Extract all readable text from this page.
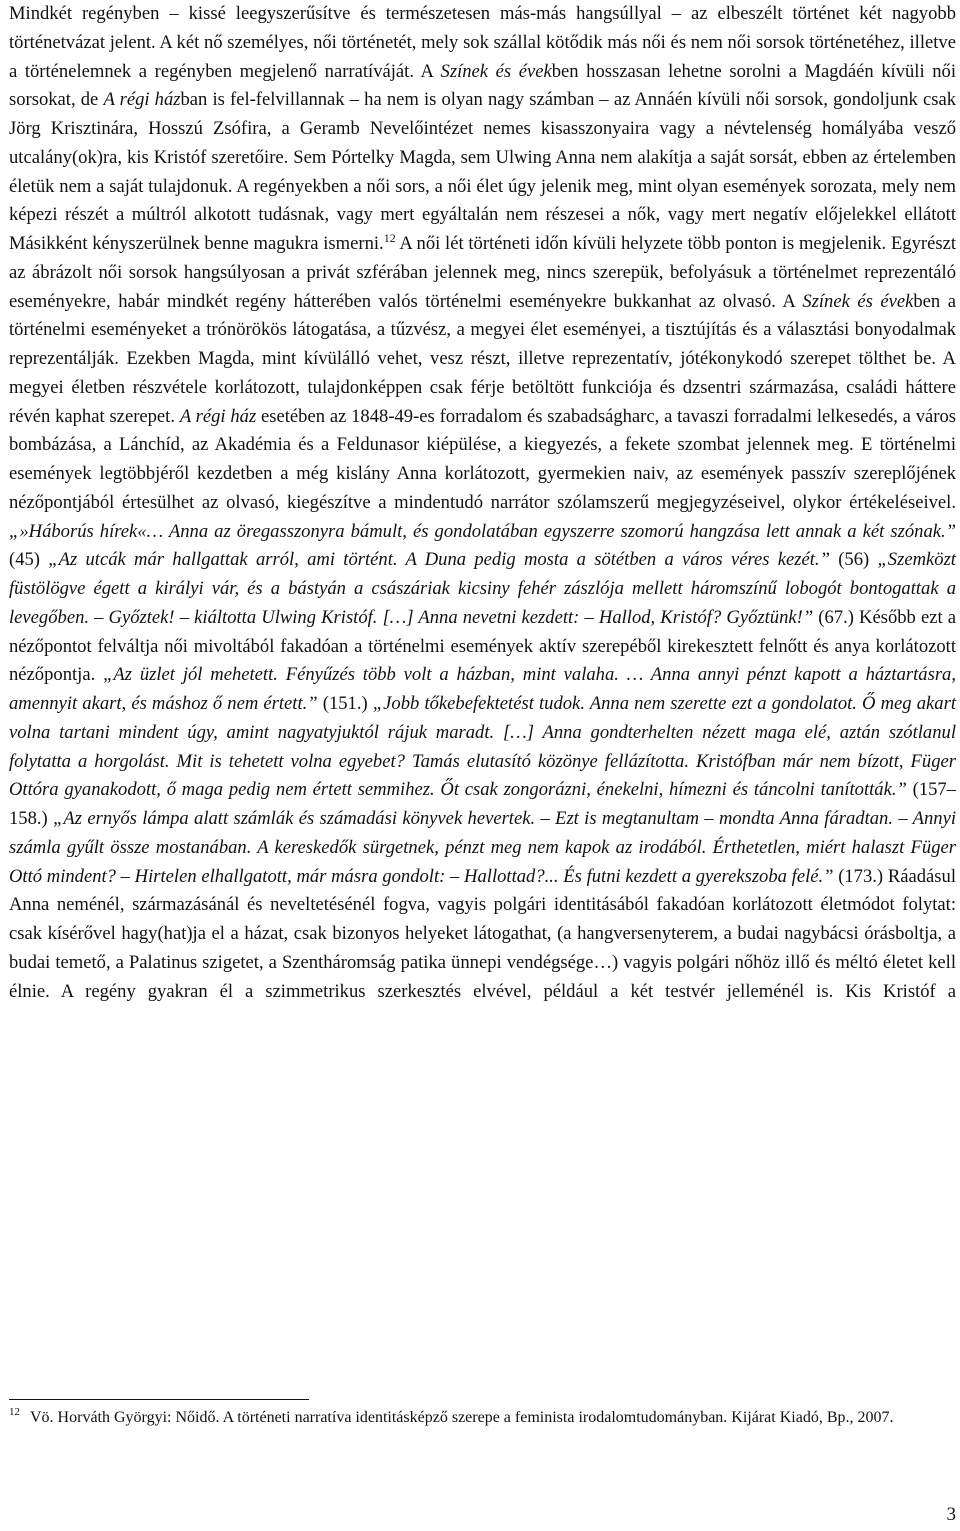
Mindkét regényben – kissé leegyszerűsítve és természetesen más-más hangsúllyal – az elbeszélt történet két nagyobb történetvázat jelent. A két nő személyes, női történetét, mely sok szállal kötődik más női és nem női sorsok történetéhez, illetve a történelemnek a regényben megjelenő narratíváját. A Színek és években hosszasan lehetne sorolni a Magdáén kívüli női sorsokat, de A régi házban is fel-felvillannak – ha nem is olyan nagy számban – az Annáén kívüli női sorsok, gondoljunk csak Jörg Krisztinára, Hosszú Zsófira, a Geramb Nevelőintézet nemes kisasszonyaira vagy a névtelenség homályába vesző utcalány(ok)ra, kis Kristóf szeretőire. Sem Pórtelky Magda, sem Ulwing Anna nem alakítja a saját sorsát, ebben az értelemben életük nem a saját tulajdonuk. A regényekben a női sors, a női élet úgy jelenik meg, mint olyan események sorozata, mely nem képezi részét a múltról alkotott tudásnak, vagy mert egyáltalán nem részesei a nők, vagy mert negatív előjelekkel ellátott Másikként kényszerülnek benne magukra ismerni.$^{12}$ A női lét történeti időn kívüli helyzete több ponton is megjelenik. Egyrészt az ábrázolt női sorsok hangsúlyosan a privát szférában jelennek meg, nincs szerepük, befolyásuk a történelmet reprezentáló eseményekre, habár mindkét regény hátterében valós történelmi eseményekre bukkanhat az olvasó. A Színek és években a történelmi eseményeket a trónörökös látogatása, a tűzvész, a megyei élet eseményei, a tisztújítás és a választási bonyodalmak reprezentálják. Ezekben Magda, mint kívülálló vehet, vesz részt, illetve reprezentatív, jótékonykodó szerepet tölthet be. A megyei életben részvétele korlátozott, tulajdonképpen csak férje betöltött funkciója és dzsentri származása, családi háttere révén kaphat szerepet. A régi ház esetében az 1848-49-es forradalom és szabadságharc, a tavaszi forradalmi lelkesedés, a város bombázása, a Lánchíd, az Akadémia és a Feldunasor kiépülése, a kiegyezés, a fekete szombat jelennek meg. E történelmi események legtöbbjéről kezdetben a még kislány Anna korlátozott, gyermekien naiv, az események passzív szereplőjének nézőpontjából értesülhet az olvasó, kiegészítve a mindentudó narrátor szólamszerű megjegyzéseivel, olykor értékeléseivel. „»Háborús hírek«… Anna az öregasszonyra bámult, és gondolatában egyszerre szomorú hangzása lett annak a két szónak.” (45) „Az utcák már hallgattak arról, ami történt. A Duna pedig mosta a sötétben a város véres kezét.” (56) „Szemközt füstölögve égett a királyi vár, és a bástyán a császáriak kicsiny fehér zászlója mellett háromszínű lobogót bontogattak a levegőben. – Győztek! – kiáltotta Ulwing Kristóf. […] Anna nevetni kezdett: – Hallod, Kristóf? Győztünk!” (67.) Később ezt a nézőpontot felváltja női mivoltából fakadóan a történelmi események aktív szerepéből kirekesztett felnőtt és anya korlátozott nézőpontja. „Az üzlet jól mehetett. Fényűzés több volt a házban, mint valaha. … Anna annyi pénzt kapott a háztartásra, amennyit akart, és máshoz ő nem értett.” (151.) „Jobb tőkebefektetést tudok. Anna nem szerette ezt a gondolatot. Ő meg akart volna tartani mindent úgy, amint nagyatyjuktól rájuk maradt. […] Anna gondterhelten nézett maga elé, aztán szótlanul folytatta a horgolást. Mit is tehetett volna egyebet? Tamás elutasító közönye fellázította. Kristófban már nem bízott, Füger Ottóra gyanakodott, ő maga pedig nem értett semmihez. Őt csak zongorázni, énekelni, hímezni és táncolni tanították.” (157–158.) „Az ernyős lámpa alatt számlák és számadási könyvek hevertek. – Ezt is megtanultam – mondta Anna fáradtan. – Annyi számla gyűlt össze mostanában. A kereskedők sürgetnek, pénzt meg nem kapok az irodából. Érthetetlen, miért halaszt Füger Ottó mindent? – Hirtelen elhallgatott, már másra gondolt: – Hallottad?... És futni kezdett a gyerekszoba felé.” (173.) Ráadásul Anna neménél, származásánál és neveltetésénél fogva, vagyis polgári identitásából fakadóan korlátozott életmódot folytat: csak kísérővel hagy(hat)ja el a házat, csak bizonyos helyeket látogathat, (a hangversenyterem, a budai nagybácsi órásboltja, a budai temető, a Palatinus szigetet, a Szentháromság patika ünnepi vendégsége…) vagyis polgári nőhöz illő és méltó életet kell élnie. A regény gyakran él a szimmetrikus szerkesztés elvével, például a két testvér jelleménél is. Kis Kristóf a

$^{12}$ Vö. Horváth Györgyi: Nőidő. A történeti narratíva identitásképző szerepe a feminista irodalomtudományban. Kijárat Kiadó, Bp., 2007.

3
